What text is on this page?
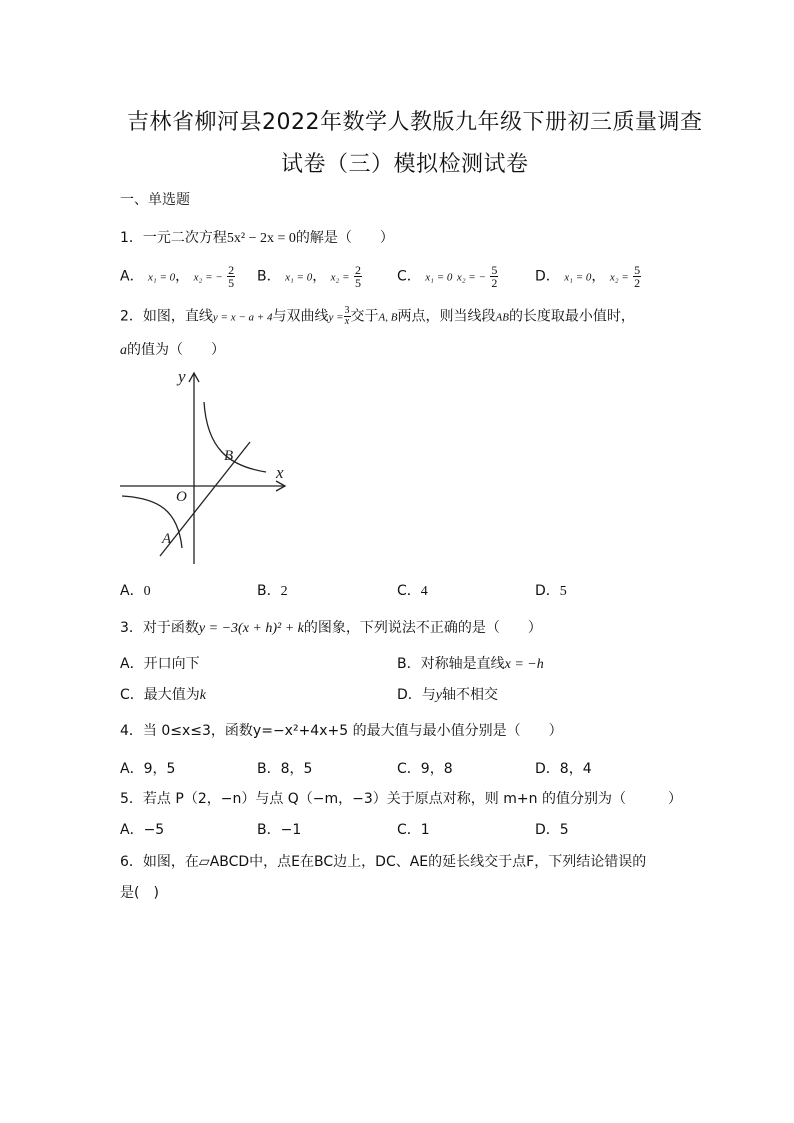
吉林省柳河县2022年数学人教版九年级下册初三质量调查
试卷（三）模拟检测试卷
一、单选题
1．一元二次方程5x² − 2x = 0的解是（　　）
A． x₁ = 0， x₂ = − $\frac{2}{5}$ B． x₁ = 0， $x_2 = \frac{2}{5}$	C． x₁ = 0 x₂ = − $\frac{5}{2}$	D． x₁ = 0， $x_2 = \frac{5}{2}$
2．如图，直线y = x − a + 4与双曲线$y = \frac{3}{x}$ 交于A, B两点，则当线段AB的长度取最小值时，
a的值为（　　）
y
x
O
B
A
A．0	B．2	C．4	D．5
3．对于函数y = −3(x + h)² + k的图象，下列说法不正确的是（　　）
A．开口向下	B．对称轴是直线x = −h
C．最大值为k	D．与y轴不相交
4．当 0≤x≤3，函数y=−x²+4x+5 的最大值与最小值分别是（　　）
A．9，5	B．8，5	C．9，8	D．8，4
5．若点 P（2，−n）与点 Q（−m，−3）关于原点对称，则 m+n 的值分别为（　　　）
A．−5	B．−1	C．1	D．5
6．如图，在▱ABCD中，点E在BC边上，DC、AE的延长线交于点F，下列结论错误的
是(　)
